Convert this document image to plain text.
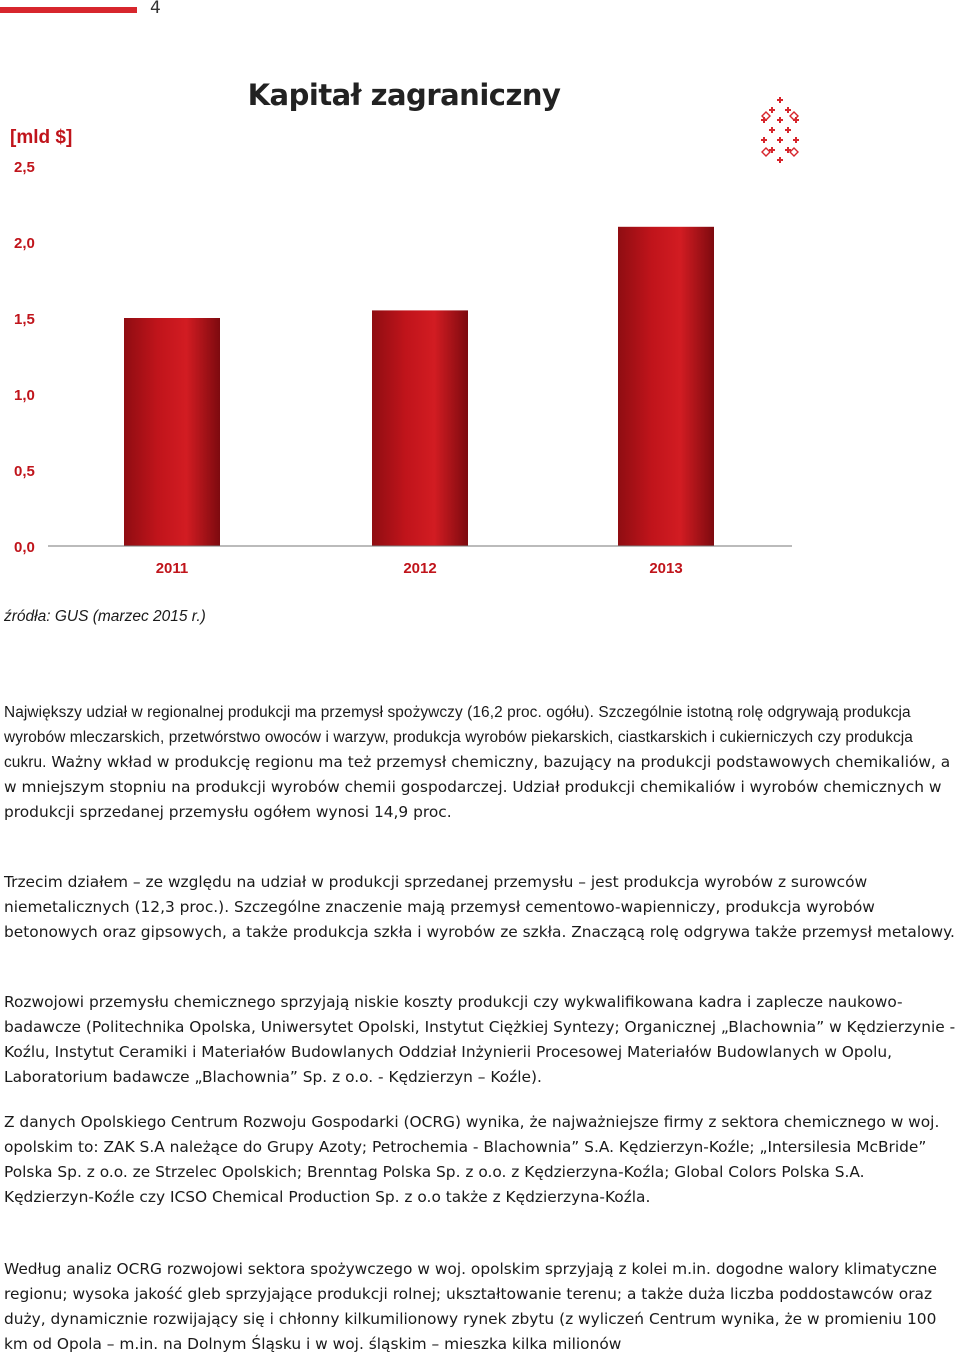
4
Kapitał zagraniczny
[mld $]
0,0
0,5
1,0
1,5
2,0
2,5
2011	2012	2013
źródła: GUS (marzec 2015 r.)

Największy udział w regionalnej produkcji ma przemysł spożywczy (16,2 proc. ogółu). Szczególnie istotną rolę odgrywają produkcja wyrobów mleczarskich, przetwórstwo owoców i warzyw, produkcja wyrobów piekarskich, ciastkarskich i cukierniczych czy produkcja cukru. Ważny wkład w produkcję regionu ma też przemysł chemiczny, bazujący na produkcji podstawowych chemikaliów, a w mniejszym stopniu na produkcji wyrobów chemii gospodarczej. Udział produkcji chemikaliów i wyrobów chemicznych w produkcji sprzedanej przemysłu ogółem wynosi 14,9 proc.

Trzecim działem – ze względu na udział w produkcji sprzedanej przemysłu – jest produkcja wyrobów z surowców niemetalicznych (12,3 proc.). Szczególne znaczenie mają przemysł cementowo-wapienniczy, produkcja wyrobów betonowych oraz gipsowych, a także produkcja szkła i wyrobów ze szkła. Znaczącą rolę odgrywa także przemysł metalowy.

Rozwojowi przemysłu chemicznego sprzyjają niskie koszty produkcji czy wykwalifikowana kadra i zaplecze naukowo-badawcze (Politechnika Opolska, Uniwersytet Opolski, Instytut Ciężkiej Syntezy; Organicznej „Blachownia” w Kędzierzynie - Koźlu, Instytut Ceramiki i Materiałów Budowlanych Oddział Inżynierii Procesowej Materiałów Budowlanych w Opolu, Laboratorium badawcze „Blachownia” Sp. z o.o. - Kędzierzyn – Koźle).

Z danych Opolskiego Centrum Rozwoju Gospodarki (OCRG) wynika, że najważniejsze firmy z sektora chemicznego w woj. opolskim to: ZAK S.A należące do Grupy Azoty; Petrochemia - Blachownia” S.A. Kędzierzyn-Koźle; „Intersilesia McBride” Polska Sp. z o.o. ze Strzelec Opolskich; Brenntag Polska Sp. z o.o. z Kędzierzyna-Koźla; Global Colors Polska S.A. Kędzierzyn-Koźle czy ICSO Chemical Production Sp. z o.o także z Kędzierzyna-Koźla.

Według analiz OCRG rozwojowi sektora spożywczego w woj. opolskim sprzyjają z kolei m.in. dogodne walory klimatyczne regionu; wysoka jakość gleb sprzyjające produkcji rolnej; ukształtowanie terenu; a także duża liczba poddostawców oraz duży, dynamicznie rozwijający się i chłonny kilkumilionowy rynek zbytu (z wyliczeń Centrum wynika, że w promieniu 100 km od Opola – m.in. na Dolnym Śląsku i w woj. śląskim – mieszka kilka milionów
